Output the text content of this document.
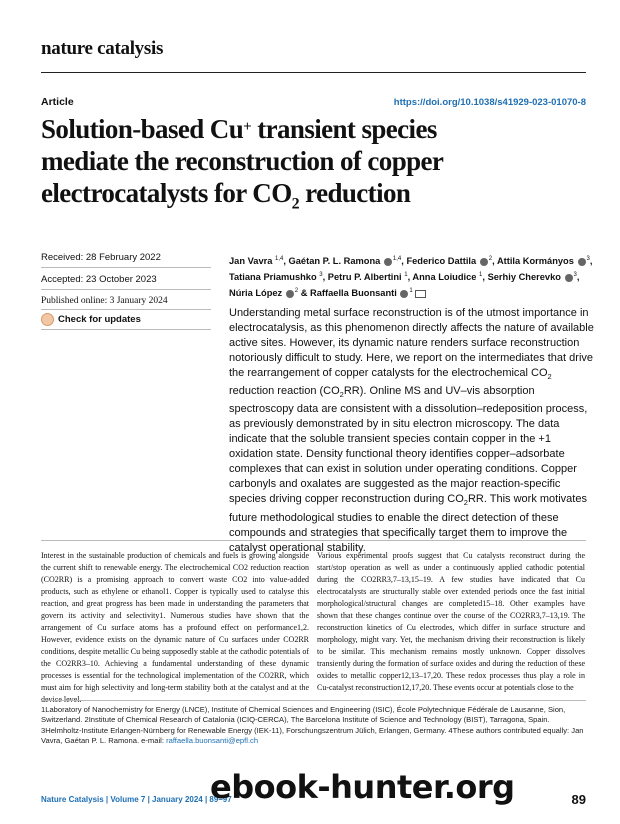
nature catalysis
Article	https://doi.org/10.1038/s41929-023-01070-8
Solution-based Cu+ transient species
mediate the reconstruction of copper
electrocatalysts for $CO_2$ reduction
Received: 28 February 2022
Accepted: 23 October 2023
Published online: 3 January 2024
Check for updates
Jan Vavra $^{1,4}$, Gaétan P. L. Ramona $^{1,4}$, Federico Dattila $^2$, Attila Kormányos $^3$, Tatiana Priamushko $^3$, Petru P. Albertini $^1$, Anna Loiudice $^1$, Serhiy Cherevko $^3$, Núria López $^2$ & Raffaella Buonsanti $^1$
Understanding metal surface reconstruction is of the utmost importance in electrocatalysis, as this phenomenon directly affects the nature of available active sites. However, its dynamic nature renders surface reconstruction notoriously difficult to study. Here, we report on the intermediates that drive the rearrangement of copper catalysts for the electrochemical $CO_2$ reduction reaction $(CO_2RR)$. Online MS and UV–vis absorption spectroscopy data are consistent with a dissolution–redeposition process, as previously demonstrated by in situ electron microscopy. The data indicate that the soluble transient species contain copper in the +1 oxidation state. Density functional theory identifies copper–adsorbate complexes that can exist in solution under operating conditions. Copper carbonyls and oxalates are suggested as the major reaction-specific species driving copper reconstruction during $CO_2RR$. This work motivates future methodological studies to enable the direct detection of these compounds and strategies that specifically target them to improve the catalyst operational stability.
Interest in the sustainable production of chemicals and fuels is growing alongside the current shift to renewable energy. The electrochemical CO2 reduction reaction (CO2RR) is a promising approach to convert waste CO2 into value-added products, such as ethylene or ethanol1. Copper is typically used to catalyse this reaction, and great progress has been made in understanding the parameters that govern its activity and selectivity1. Numerous studies have shown that the arrangement of Cu surface atoms has a profound effect on performance1,2. However, evidence exists on the dynamic nature of Cu surfaces under CO2RR conditions, despite metallic Cu being supposedly stable at the cathodic potentials of the CO2RR3–10. Achieving a fundamental understanding of these dynamic processes is essential for the technological implementation of the CO2RR, which must aim for high selectivity and long-term stability both at the catalyst and at the
Various experimental proofs suggest that Cu catalysts reconstruct during the start/stop operation as well as under a continuously applied cathodic potential during the CO2RR3,7–13,15–19. A few studies have indicated that Cu electrocatalysts are structurally stable over extended periods once the fast initial morphological/structural changes are completed15–18. Other examples have shown that these changes continue over the course of the CO2RR3,7–13,19. The reconstruction kinetics of Cu electrodes, which differ in surface structure and morphology, might vary. Yet, the mechanism driving their reconstruction is likely to be similar. This mechanism remains mostly unknown. Copper dissolves transiently during the formation of surface oxides and during the reduction of these oxides to metallic copper12,13–17,20. These redox processes thus play a role in Cu-catalyst reconstruction12,17,20. These events occur at potentials close to the
1Laboratory of Nanochemistry for Energy (LNCE), Institute of Chemical Sciences and Engineering (ISIC), École Polytechnique Fédérale de Lausanne, Sion, Switzerland. 2Institute of Chemical Research of Catalonia (ICIQ-CERCA), The Barcelona Institute of Science and Technology (BIST), Tarragona, Spain. 3Helmholtz-Institute Erlangen-Nürnberg for Renewable Energy (IEK-11), Forschungszentrum Jülich, Erlangen, Germany. 4These authors contributed equally: Jan Vavra, Gaétan P. L. Ramona. e-mail: raffaella.buonsanti@epfl.ch
Nature Catalysis | Volume 7 | January 2024 | 89–97	89
ebook-hunter.org
